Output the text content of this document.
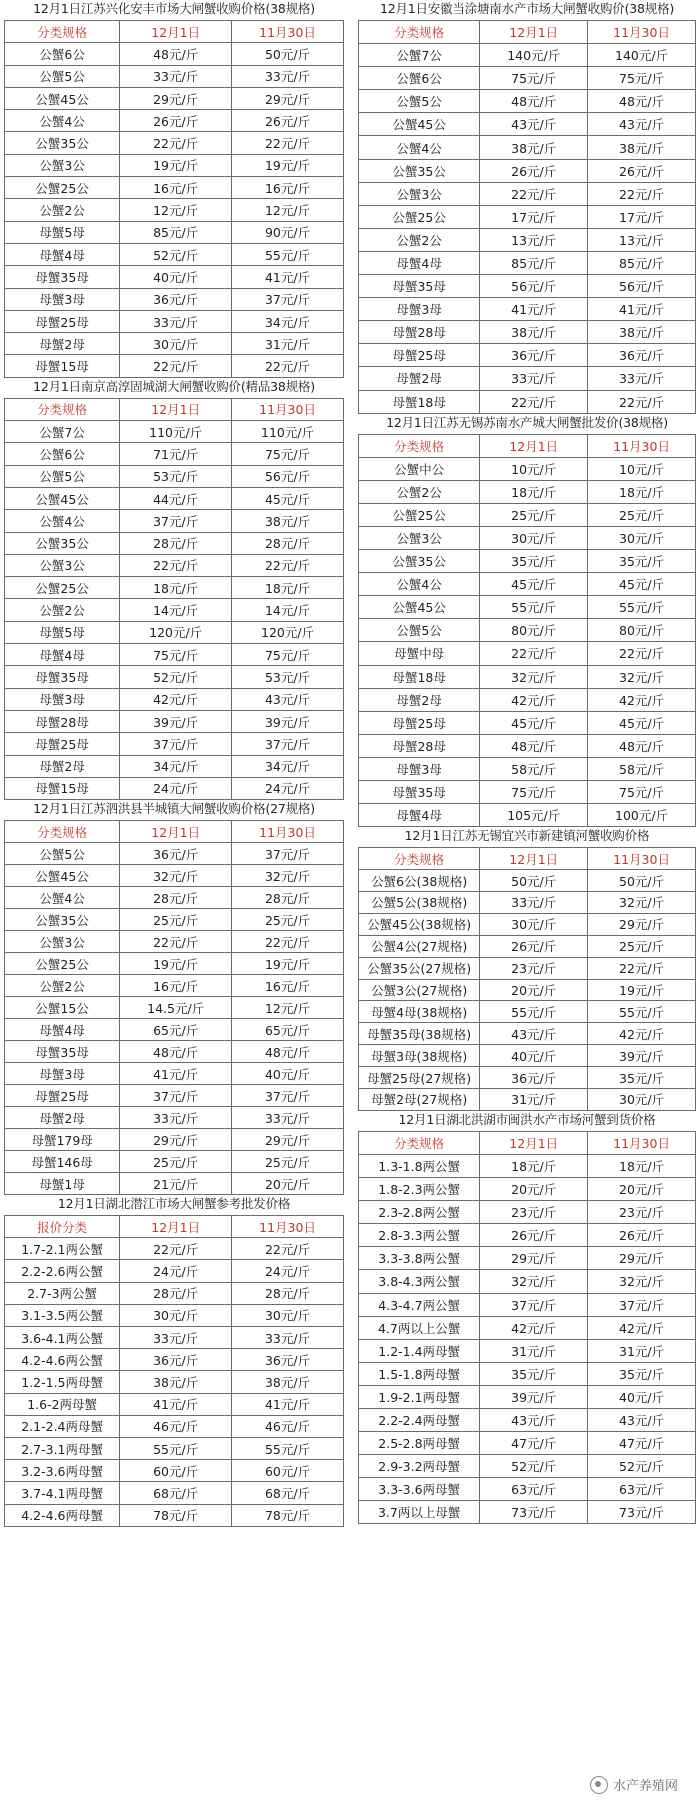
12月1日江苏兴化安丰市场大闸蟹收购价格(38规格)
分类规格	12月1日	11月30日
公蟹6公	48元/斤	50元/斤
公蟹5公	33元/斤	33元/斤
公蟹45公	29元/斤	29元/斤
公蟹4公	26元/斤	26元/斤
公蟹35公	22元/斤	22元/斤
公蟹3公	19元/斤	19元/斤
公蟹25公	16元/斤	16元/斤
公蟹2公	12元/斤	12元/斤
母蟹5母	85元/斤	90元/斤
母蟹4母	52元/斤	55元/斤
母蟹35母	40元/斤	41元/斤
母蟹3母	36元/斤	37元/斤
母蟹25母	33元/斤	34元/斤
母蟹2母	30元/斤	31元/斤
母蟹15母	22元/斤	22元/斤
12月1日南京高淳固城湖大闸蟹收购价(精品38规格)
分类规格	12月1日	11月30日
公蟹7公	110元/斤	110元/斤
公蟹6公	71元/斤	75元/斤
公蟹5公	53元/斤	56元/斤
公蟹45公	44元/斤	45元/斤
公蟹4公	37元/斤	38元/斤
公蟹35公	28元/斤	28元/斤
公蟹3公	22元/斤	22元/斤
公蟹25公	18元/斤	18元/斤
公蟹2公	14元/斤	14元/斤
母蟹5母	120元/斤	120元/斤
母蟹4母	75元/斤	75元/斤
母蟹35母	52元/斤	53元/斤
母蟹3母	42元/斤	43元/斤
母蟹28母	39元/斤	39元/斤
母蟹25母	37元/斤	37元/斤
母蟹2母	34元/斤	34元/斤
母蟹15母	24元/斤	24元/斤
12月1日江苏泗洪县半城镇大闸蟹收购价格(27规格)
分类规格	12月1日	11月30日
公蟹5公	36元/斤	37元/斤
公蟹45公	32元/斤	32元/斤
公蟹4公	28元/斤	28元/斤
公蟹35公	25元/斤	25元/斤
公蟹3公	22元/斤	22元/斤
公蟹25公	19元/斤	19元/斤
公蟹2公	16元/斤	16元/斤
公蟹15公	14.5元/斤	12元/斤
母蟹4母	65元/斤	65元/斤
母蟹35母	48元/斤	48元/斤
母蟹3母	41元/斤	40元/斤
母蟹25母	37元/斤	37元/斤
母蟹2母	33元/斤	33元/斤
母蟹179母	29元/斤	29元/斤
母蟹146母	25元/斤	25元/斤
母蟹1母	21元/斤	20元/斤
12月1日湖北潜江市场大闸蟹参考批发价格
报价分类	12月1日	11月30日
1.7-2.1两公蟹	22元/斤	22元/斤
2.2-2.6两公蟹	24元/斤	24元/斤
2.7-3两公蟹	28元/斤	28元/斤
3.1-3.5两公蟹	30元/斤	30元/斤
3.6-4.1两公蟹	33元/斤	33元/斤
4.2-4.6两公蟹	36元/斤	36元/斤
1.2-1.5两母蟹	38元/斤	38元/斤
1.6-2两母蟹	41元/斤	41元/斤
2.1-2.4两母蟹	46元/斤	46元/斤
2.7-3.1两母蟹	55元/斤	55元/斤
3.2-3.6两母蟹	60元/斤	60元/斤
3.7-4.1两母蟹	68元/斤	68元/斤
4.2-4.6两母蟹	78元/斤	78元/斤
12月1日安徽当涂塘南水产市场大闸蟹收购价(38规格)
分类规格	12月1日	11月30日
公蟹7公	140元/斤	140元/斤
公蟹6公	75元/斤	75元/斤
公蟹5公	48元/斤	48元/斤
公蟹45公	43元/斤	43元/斤
公蟹4公	38元/斤	38元/斤
公蟹35公	26元/斤	26元/斤
公蟹3公	22元/斤	22元/斤
公蟹25公	17元/斤	17元/斤
公蟹2公	13元/斤	13元/斤
母蟹4母	85元/斤	85元/斤
母蟹35母	56元/斤	56元/斤
母蟹3母	41元/斤	41元/斤
母蟹28母	38元/斤	38元/斤
母蟹25母	36元/斤	36元/斤
母蟹2母	33元/斤	33元/斤
母蟹18母	22元/斤	22元/斤
12月1日江苏无锡苏南水产城大闸蟹批发价(38规格)
分类规格	12月1日	11月30日
公蟹中公	10元/斤	10元/斤
公蟹2公	18元/斤	18元/斤
公蟹25公	25元/斤	25元/斤
公蟹3公	30元/斤	30元/斤
公蟹35公	35元/斤	35元/斤
公蟹4公	45元/斤	45元/斤
公蟹45公	55元/斤	55元/斤
公蟹5公	80元/斤	80元/斤
母蟹中母	22元/斤	22元/斤
母蟹18母	32元/斤	32元/斤
母蟹2母	42元/斤	42元/斤
母蟹25母	45元/斤	45元/斤
母蟹28母	48元/斤	48元/斤
母蟹3母	58元/斤	58元/斤
母蟹35母	75元/斤	75元/斤
母蟹4母	105元/斤	100元/斤
12月1日江苏无锡宜兴市新建镇河蟹收购价格
分类规格	12月1日	11月30日
公蟹6公(38规格)	50元/斤	50元/斤
公蟹5公(38规格)	33元/斤	32元/斤
公蟹45公(38规格)	30元/斤	29元/斤
公蟹4公(27规格)	26元/斤	25元/斤
公蟹35公(27规格)	23元/斤	22元/斤
公蟹3公(27规格)	20元/斤	19元/斤
母蟹4母(38规格)	55元/斤	55元/斤
母蟹35母(38规格)	43元/斤	42元/斤
母蟹3母(38规格)	40元/斤	39元/斤
母蟹25母(27规格)	36元/斤	35元/斤
母蟹2母(27规格)	31元/斤	30元/斤
12月1日湖北洪湖市闽洪水产市场河蟹到货价格
分类规格	12月1日	11月30日
1.3-1.8两公蟹	18元/斤	18元/斤
1.8-2.3两公蟹	20元/斤	20元/斤
2.3-2.8两公蟹	23元/斤	23元/斤
2.8-3.3两公蟹	26元/斤	26元/斤
3.3-3.8两公蟹	29元/斤	29元/斤
3.8-4.3两公蟹	32元/斤	32元/斤
4.3-4.7两公蟹	37元/斤	37元/斤
4.7两以上公蟹	42元/斤	42元/斤
1.2-1.4两母蟹	31元/斤	31元/斤
1.5-1.8两母蟹	35元/斤	35元/斤
1.9-2.1两母蟹	39元/斤	40元/斤
2.2-2.4两母蟹	43元/斤	43元/斤
2.5-2.8两母蟹	47元/斤	47元/斤
2.9-3.2两母蟹	52元/斤	52元/斤
3.3-3.6两母蟹	63元/斤	63元/斤
3.7两以上母蟹	73元/斤	73元/斤
水产养殖网
